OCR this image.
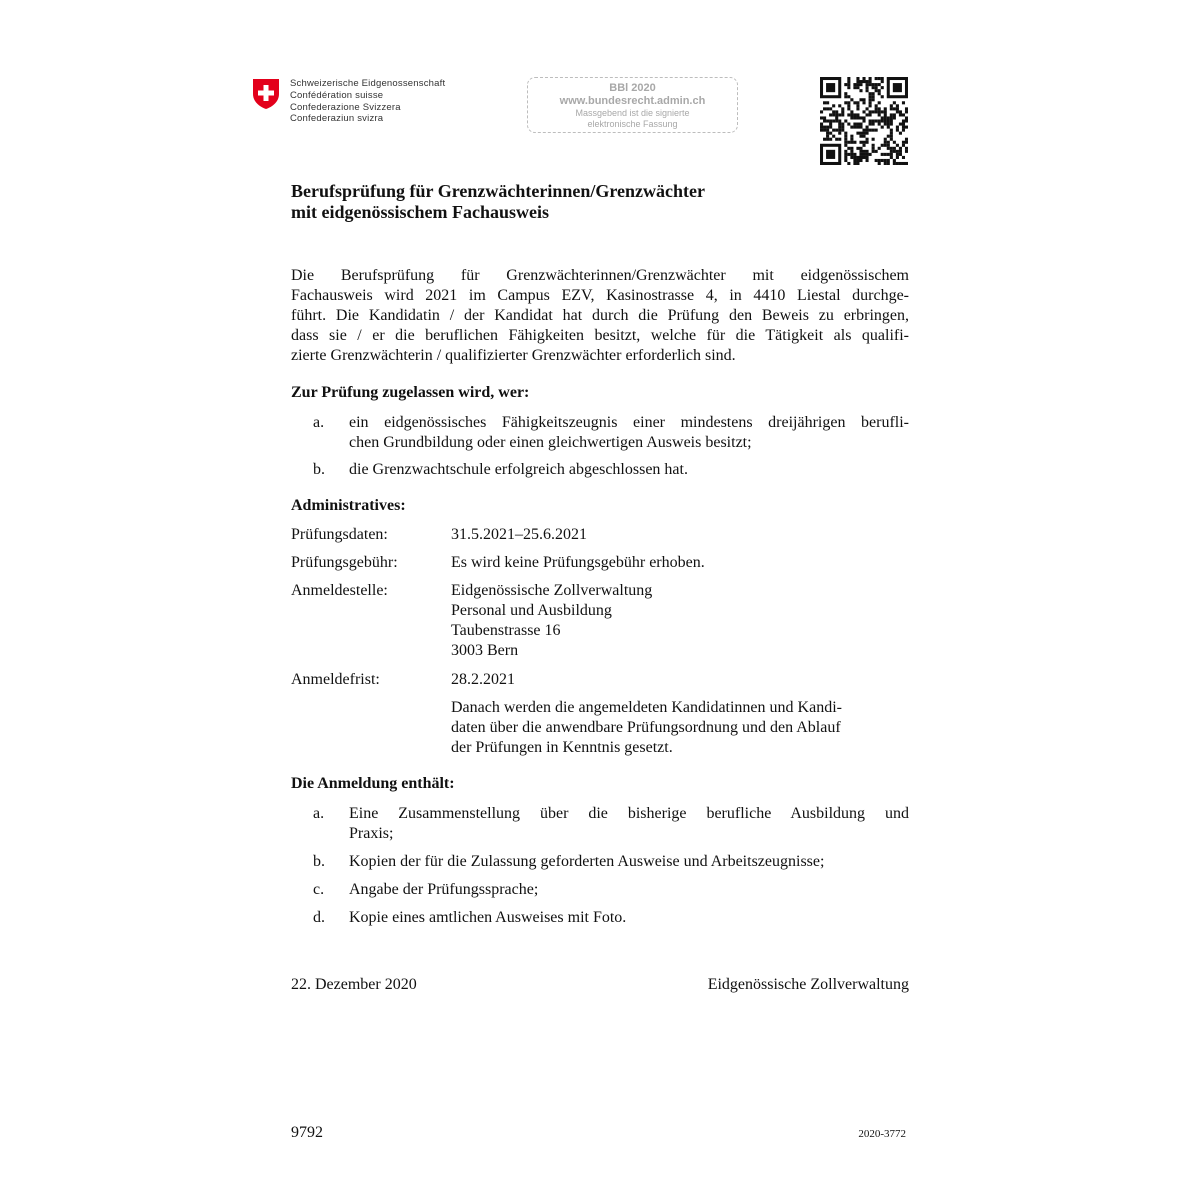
Schweizerische Eidgenossenschaft
Confédération suisse
Confederazione Svizzera
Confederaziun svizra
BBl 2020
www.bundesrecht.admin.ch
Massgebend ist die signierte
elektronische Fassung
Berufsprüfung für Grenzwächterinnen/Grenzwächter
mit eidgenössischem Fachausweis
Die Berufsprüfung für Grenzwächterinnen/Grenzwächter mit eidgenössischem
Fachausweis wird 2021 im Campus EZV, Kasinostrasse 4, in 4410 Liestal durchge-
führt. Die Kandidatin / der Kandidat hat durch die Prüfung den Beweis zu erbringen,
dass sie / er die beruflichen Fähigkeiten besitzt, welche für die Tätigkeit als qualifi-
zierte Grenzwächterin / qualifizierter Grenzwächter erforderlich sind.
Zur Prüfung zugelassen wird, wer:
a. ein eidgenössisches Fähigkeitszeugnis einer mindestens dreijährigen berufli-
chen Grundbildung oder einen gleichwertigen Ausweis besitzt;
b. die Grenzwachtschule erfolgreich abgeschlossen hat.
Administratives:
Prüfungsdaten:	31.5.2021–25.6.2021
Prüfungsgebühr:	Es wird keine Prüfungsgebühr erhoben.
Anmeldestelle:	Eidgenössische Zollverwaltung
Personal und Ausbildung
Taubenstrasse 16
3003 Bern
Anmeldefrist:	28.2.2021
Danach werden die angemeldeten Kandidatinnen und Kandi-
daten über die anwendbare Prüfungsordnung und den Ablauf
der Prüfungen in Kenntnis gesetzt.
Die Anmeldung enthält:
a. Eine Zusammenstellung über die bisherige berufliche Ausbildung und
Praxis;
b. Kopien der für die Zulassung geforderten Ausweise und Arbeitszeugnisse;
c. Angabe der Prüfungssprache;
d. Kopie eines amtlichen Ausweises mit Foto.
22. Dezember 2020	Eidgenössische Zollverwaltung
9792	2020-3772
